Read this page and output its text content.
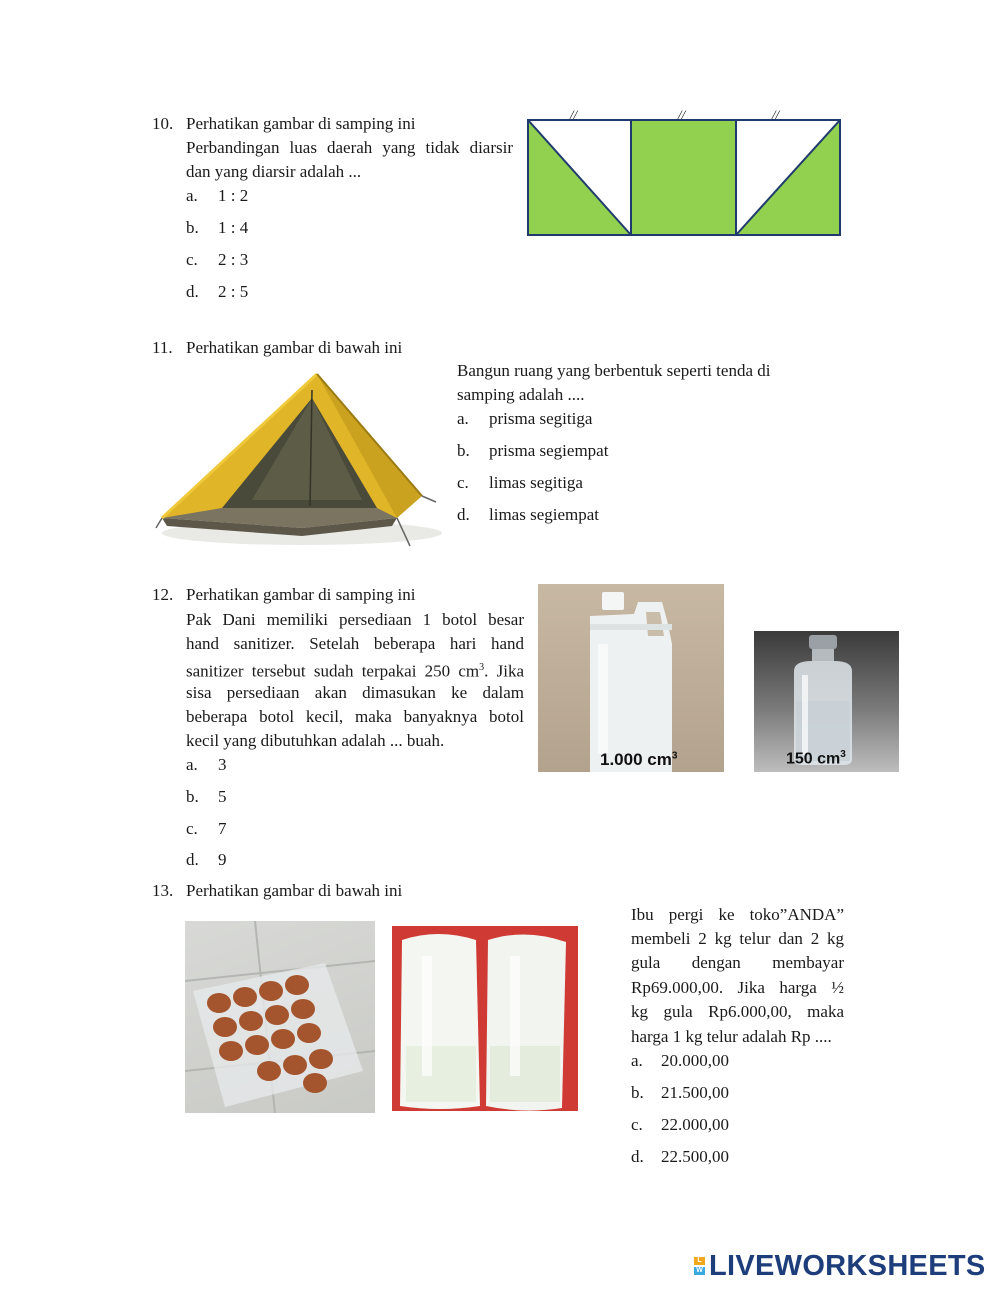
10. Perhatikan gambar di samping ini
Perbandingan luas daerah yang tidak diarsir
dan yang diarsir adalah ...
a. 1 : 2
b. 1 : 4
c. 2 : 3
d. 2 : 5
//	//	//
11. Perhatikan gambar di bawah ini
Bangun ruang yang berbentuk seperti tenda di
samping adalah ....
a. prisma segitiga
b. prisma segiempat
c. limas segitiga
d. limas segiempat
12. Perhatikan gambar di samping ini
Pak Dani memiliki persediaan 1 botol besar
hand sanitizer. Setelah beberapa hari hand
sanitizer tersebut sudah terpakai 250 $cm^3$. Jika
sisa persediaan akan dimasukan ke dalam
beberapa botol kecil, maka banyaknya botol
kecil yang dibutuhkan adalah ... buah.
a. 3
b. 5
c. 7
d. 9
1.000 $cm^3$	150 $cm^3$
13. Perhatikan gambar di bawah ini
Ibu pergi ke toko”ANDA”
membeli 2 kg telur dan 2 kg
gula dengan membayar
Rp69.000,00. Jika harga ½
kg gula Rp6.000,00, maka
harga 1 kg telur adalah Rp ....
a. 20.000,00
b. 21.500,00
c. 22.000,00
d. 22.500,00
L
W LIVEWORKSHEETS
